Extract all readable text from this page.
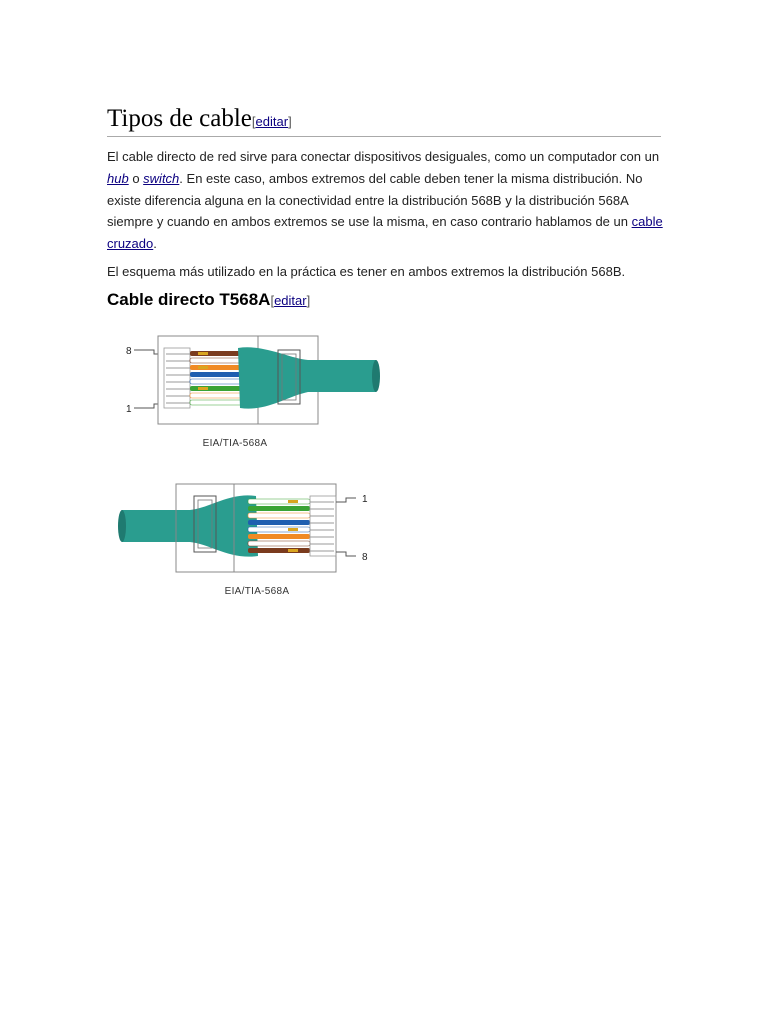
Tipos de cable[editar]
El cable directo de red sirve para conectar dispositivos desiguales, como un computador con un hub o switch. En este caso, ambos extremos del cable deben tener la misma distribución. No existe diferencia alguna en la conectividad entre la distribución 568B y la distribución 568A siempre y cuando en ambos extremos se use la misma, en caso contrario hablamos de un cable cruzado.
El esquema más utilizado en la práctica es tener en ambos extremos la distribución 568B.
Cable directo T568A[editar]
8
1
EIA/TIA-568A
1
8
EIA/TIA-568A
